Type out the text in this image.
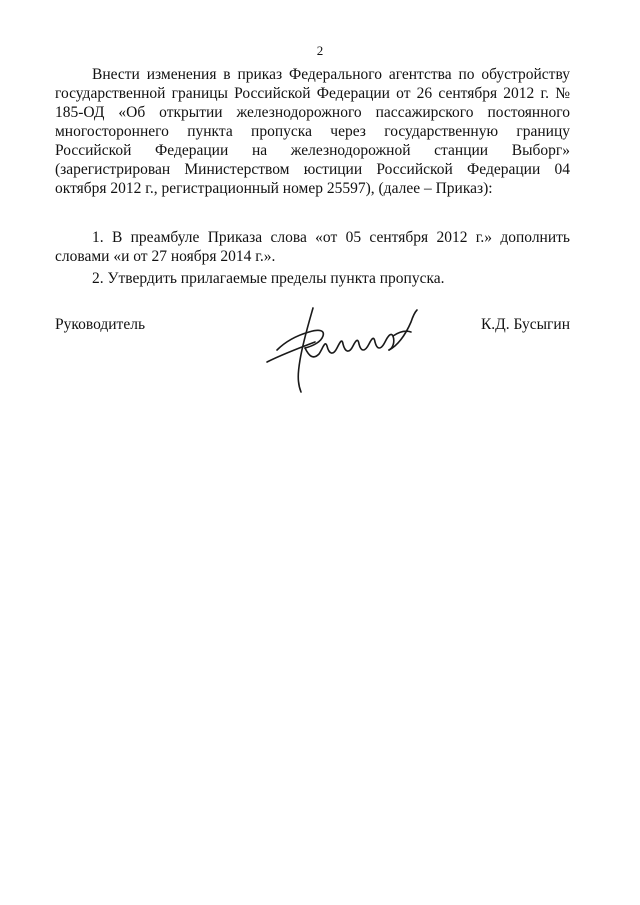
2

Внести изменения в приказ Федерального агентства по обустройству государственной границы Российской Федерации от 26 сентября 2012 г. № 185-ОД «Об открытии железнодорожного пассажирского постоянного многостороннего пункта пропуска через государственную границу Российской Федерации на железнодорожной станции Выборг» (зарегистрирован Министерством юстиции Российской Федерации 04 октября 2012 г., регистрационный номер 25597), (далее – Приказ):

1. В преамбуле Приказа слова «от 05 сентября 2012 г.» дополнить словами «и от 27 ноября 2014 г.».

2. Утвердить прилагаемые пределы пункта пропуска.

Руководитель	К.Д. Бусыгин
